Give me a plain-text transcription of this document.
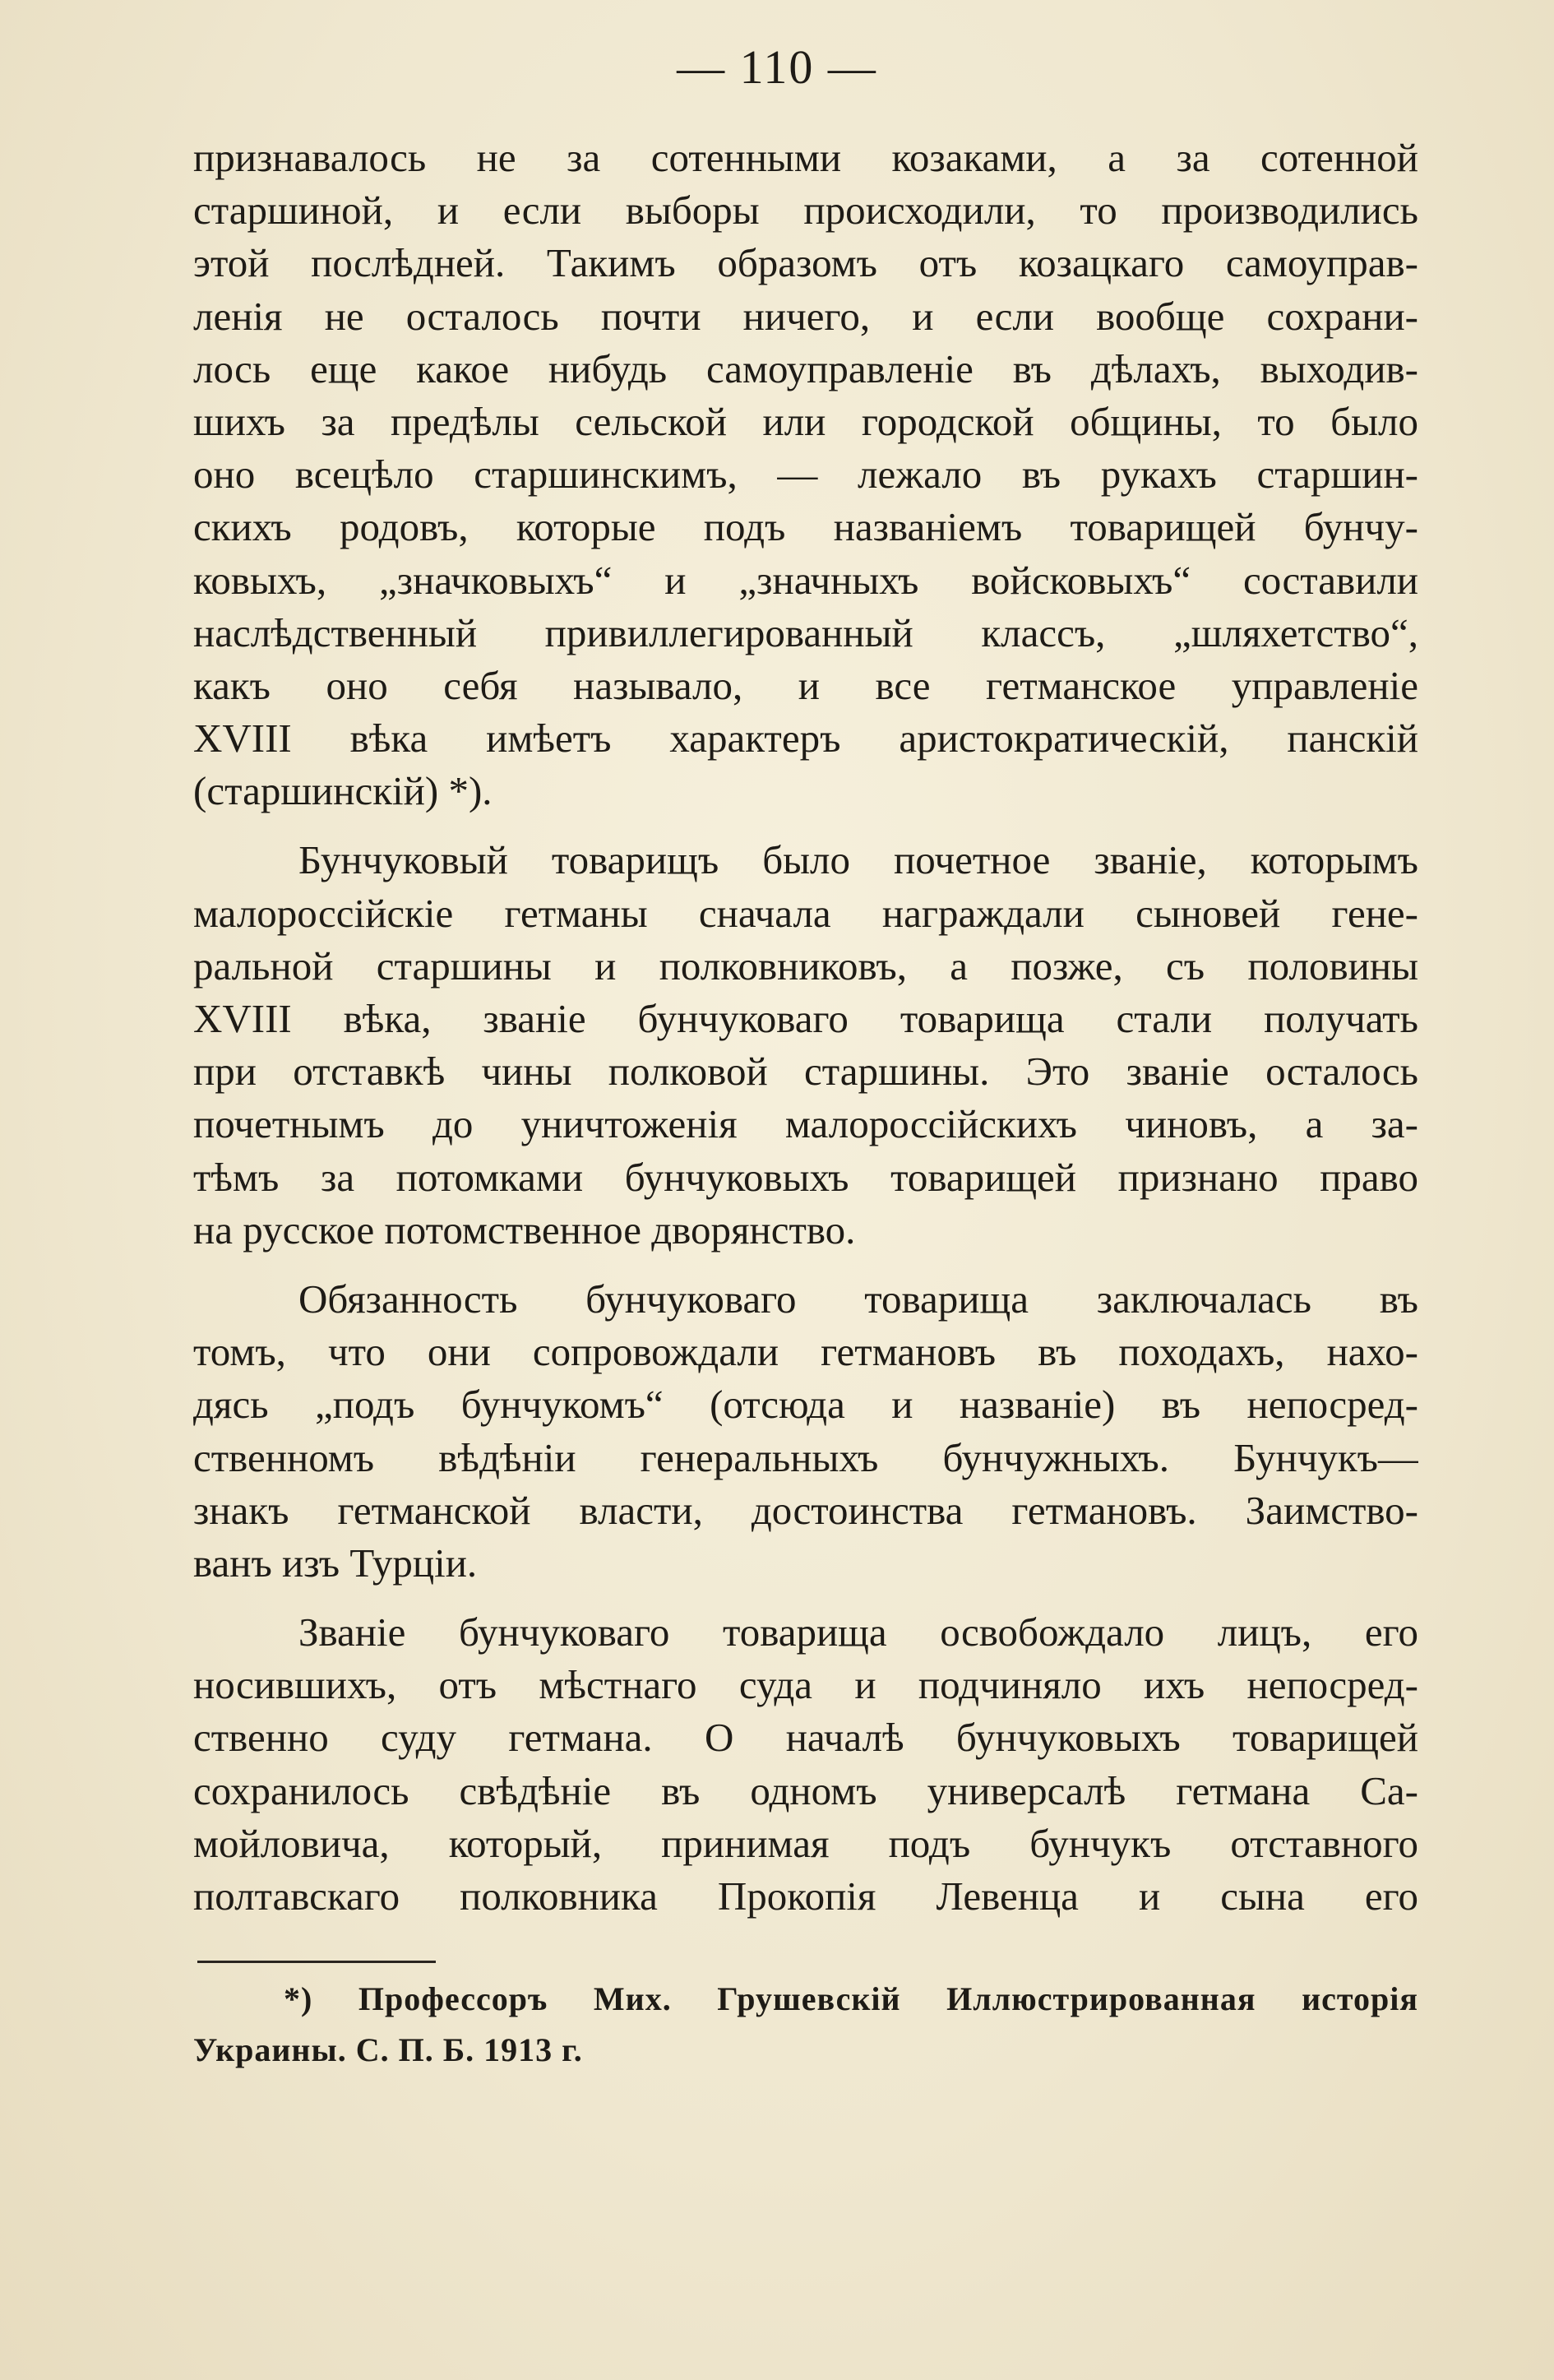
— 110 —
признавалось не за сотенными козаками, а за сотенной
старшиной, и если выборы происходили, то производились
этой послѣдней. Такимъ образомъ отъ козацкаго самоуправ-
ленія не осталось почти ничего, и если вообще сохрани-
лось еще какое нибудь самоуправленіе въ дѣлахъ, выходив-
шихъ за предѣлы сельской или городской общины, то было
оно всецѣло старшинскимъ, — лежало въ рукахъ старшин-
скихъ родовъ, которые подъ названіемъ товарищей бунчу-
ковыхъ, „значковыхъ“ и „значныхъ войсковыхъ“ составили
наслѣдственный привиллегированный классъ, „шляхетство“,
какъ оно себя называло, и все гетманское управленіе
XVIII вѣка имѣетъ характеръ аристократическій, панскій
(старшинскій) *).
Бунчуковый товарищъ было почетное званіе, которымъ
малороссійскіе гетманы сначала награждали сыновей гене-
ральной старшины и полковниковъ, а позже, съ половины
XVIII вѣка, званіе бунчуковаго товарища стали получать
при отставкѣ чины полковой старшины. Это званіе осталось
почетнымъ до уничтоженія малороссійскихъ чиновъ, а за-
тѣмъ за потомками бунчуковыхъ товарищей признано право
на русское потомственное дворянство.
Обязанность бунчуковаго товарища заключалась въ
томъ, что они сопровождали гетмановъ въ походахъ, нахо-
дясь „подъ бунчукомъ“ (отсюда и названіе) въ непосред-
ственномъ вѣдѣніи генеральныхъ бунчужныхъ. Бунчукъ—
знакъ гетманской власти, достоинства гетмановъ. Заимство-
ванъ изъ Турціи.
Званіе бунчуковаго товарища освобождало лицъ, его
носившихъ, отъ мѣстнаго суда и подчиняло ихъ непосред-
ственно суду гетмана. О началѣ бунчуковыхъ товарищей
сохранилось свѣдѣніе въ одномъ универсалѣ гетмана Са-
мойловича, который, принимая подъ бунчукъ отставного
полтавскаго полковника Прокопія Левенца и сына его
*) Профессоръ Мих. Грушевскій Иллюстрированная исторія
Украины. С. П. Б. 1913 г.
